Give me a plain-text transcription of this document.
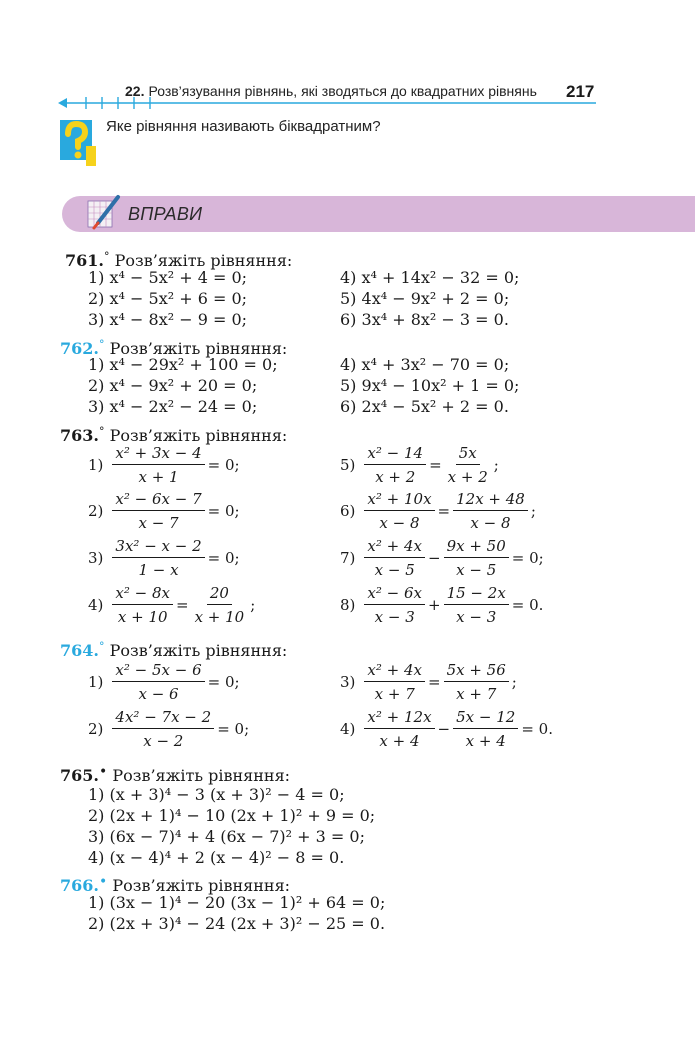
22. Розв’язування рівнянь, які зводяться до квадратних рівнянь 217
Яке рівняння називають біквадратним?
ВПРАВИ
761.° Розв’яжіть рівняння:
1) x⁴ − 5x² + 4 = 0;
2) x⁴ − 5x² + 6 = 0;
3) x⁴ − 8x² − 9 = 0;
4) x⁴ + 14x² − 32 = 0;
5) 4x⁴ − 9x² + 2 = 0;
6) 3x⁴ + 8x² − 3 = 0.
762.° Розв’яжіть рівняння:
1) x⁴ − 29x² + 100 = 0;
2) x⁴ − 9x² + 20 = 0;
3) x⁴ − 2x² − 24 = 0;
4) x⁴ + 3x² − 70 = 0;
5) 9x⁴ − 10x² + 1 = 0;
6) 2x⁴ − 5x² + 2 = 0.
763.° Розв’яжіть рівняння:
$1) \frac{\text{x² + 3x − 4}}{x + 1} = 0$;
$2) \frac{\text{x² − 6x − 7}}{x - 7} = 0$;
$3) \frac{\text{3x² − x − 2}}{1 - x} = 0$;
$4) \frac{\text{x² − 8x}}{x + 10} = \frac{20}{x + 10}$ ;
$5) \frac{\text{x² − 14}}{x + 2} = \frac{5x}{x + 2}$ ;
$6) \frac{\text{x² + 10x}}{x - 8} = \frac{12x + 48}{x - 8}$ ;
$7) \frac{\text{x² + 4x}}{x - 5} - \frac{9x + 50}{x - 5} = 0$;
$8) \frac{\text{x² − 6x}}{x - 3} + \frac{15 - 2x}{x - 3} = 0$.
764.° Розв’яжіть рівняння:
$1) \frac{\text{x² − 5x − 6}}{x - 6} = 0$;
$2) \frac{\text{4x² − 7x − 2}}{x - 2} = 0$;
$3) \frac{\text{x² + 4x}}{x + 7} = \frac{5x + 56}{x + 7}$ ;
$4) \frac{\text{x² + 12x}}{x + 4} - \frac{5x - 12}{x + 4} = 0$.
765.• Розв’яжіть рівняння:
1) (x + 3)⁴ − 3 (x + 3)² − 4 = 0;
2) (2x + 1)⁴ − 10 (2x + 1)² + 9 = 0;
3) (6x − 7)⁴ + 4 (6x − 7)² + 3 = 0;
4) (x − 4)⁴ + 2 (x − 4)² − 8 = 0.
766.• Розв’яжіть рівняння:
1) (3x − 1)⁴ − 20 (3x − 1)² + 64 = 0;
2) (2x + 3)⁴ − 24 (2x + 3)² − 25 = 0.
